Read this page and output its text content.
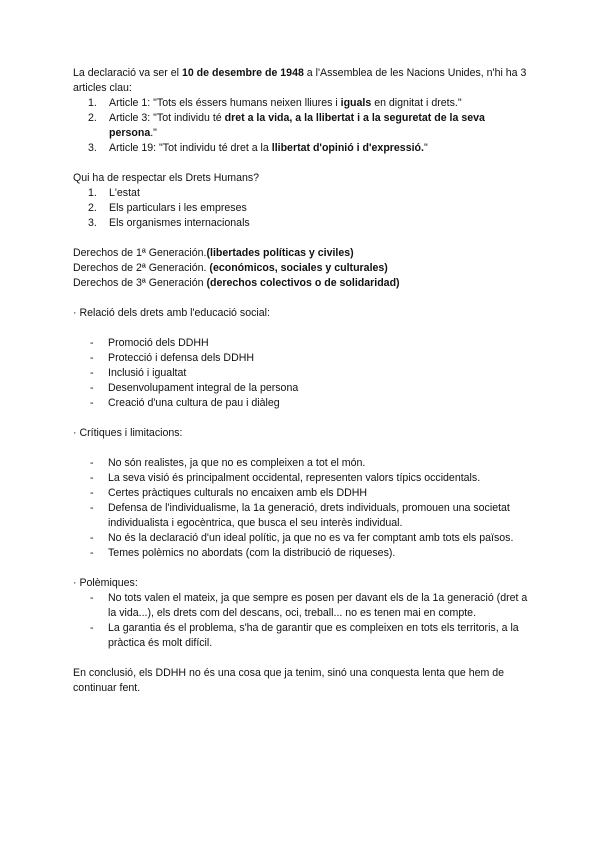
La declaració va ser el 10 de desembre de 1948 a l'Assemblea de les Nacions Unides, n'hi ha 3 articles clau:

1. Article 1: "Tots els éssers humans neixen lliures i iguals en dignitat i drets."
2. Article 3: "Tot individu té dret a la vida, a la llibertat i a la seguretat de la seva persona."
3. Article 19: "Tot individu té dret a la llibertat d'opinió i d'expressió."

Qui ha de respectar els Drets Humans?

1. L'estat
2. Els particulars i les empreses
3. Els organismes internacionals

Derechos de 1ª Generación.(libertades políticas y civiles)

Derechos de 2ª Generación. (económicos, sociales y culturales)

Derechos de 3ª Generación (derechos colectivos o de solidaridad)

· Relació dels drets amb l'educació social:

- Promoció dels DDHH
- Protecció i defensa dels DDHH
- Inclusió i igualtat
- Desenvolupament integral de la persona
- Creació d'una cultura de pau i diàleg

· Crítiques i limitacions:

- No són realistes, ja que no es compleixen a tot el món.
- La seva visió és principalment occidental, representen valors típics occidentals.
- Certes pràctiques culturals no encaixen amb els DDHH
- Defensa de l'individualisme, la 1a generació, drets individuals, promouen una societat individualista i egocèntrica, que busca el seu interès individual.
- No és la declaració d'un ideal polític, ja que no es va fer comptant amb tots els països.
- Temes polèmics no abordats (com la distribució de riqueses).

· Polèmiques:

- No tots valen el mateix, ja que sempre es posen per davant els de la 1a generació (dret a la vida...), els drets com del descans, oci, treball... no es tenen mai en compte.
- La garantia és el problema, s'ha de garantir que es compleixen en tots els territoris, a la pràctica és molt difícil.

En conclusió, els DDHH no és una cosa que ja tenim, sinó una conquesta lenta que hem de continuar fent.
